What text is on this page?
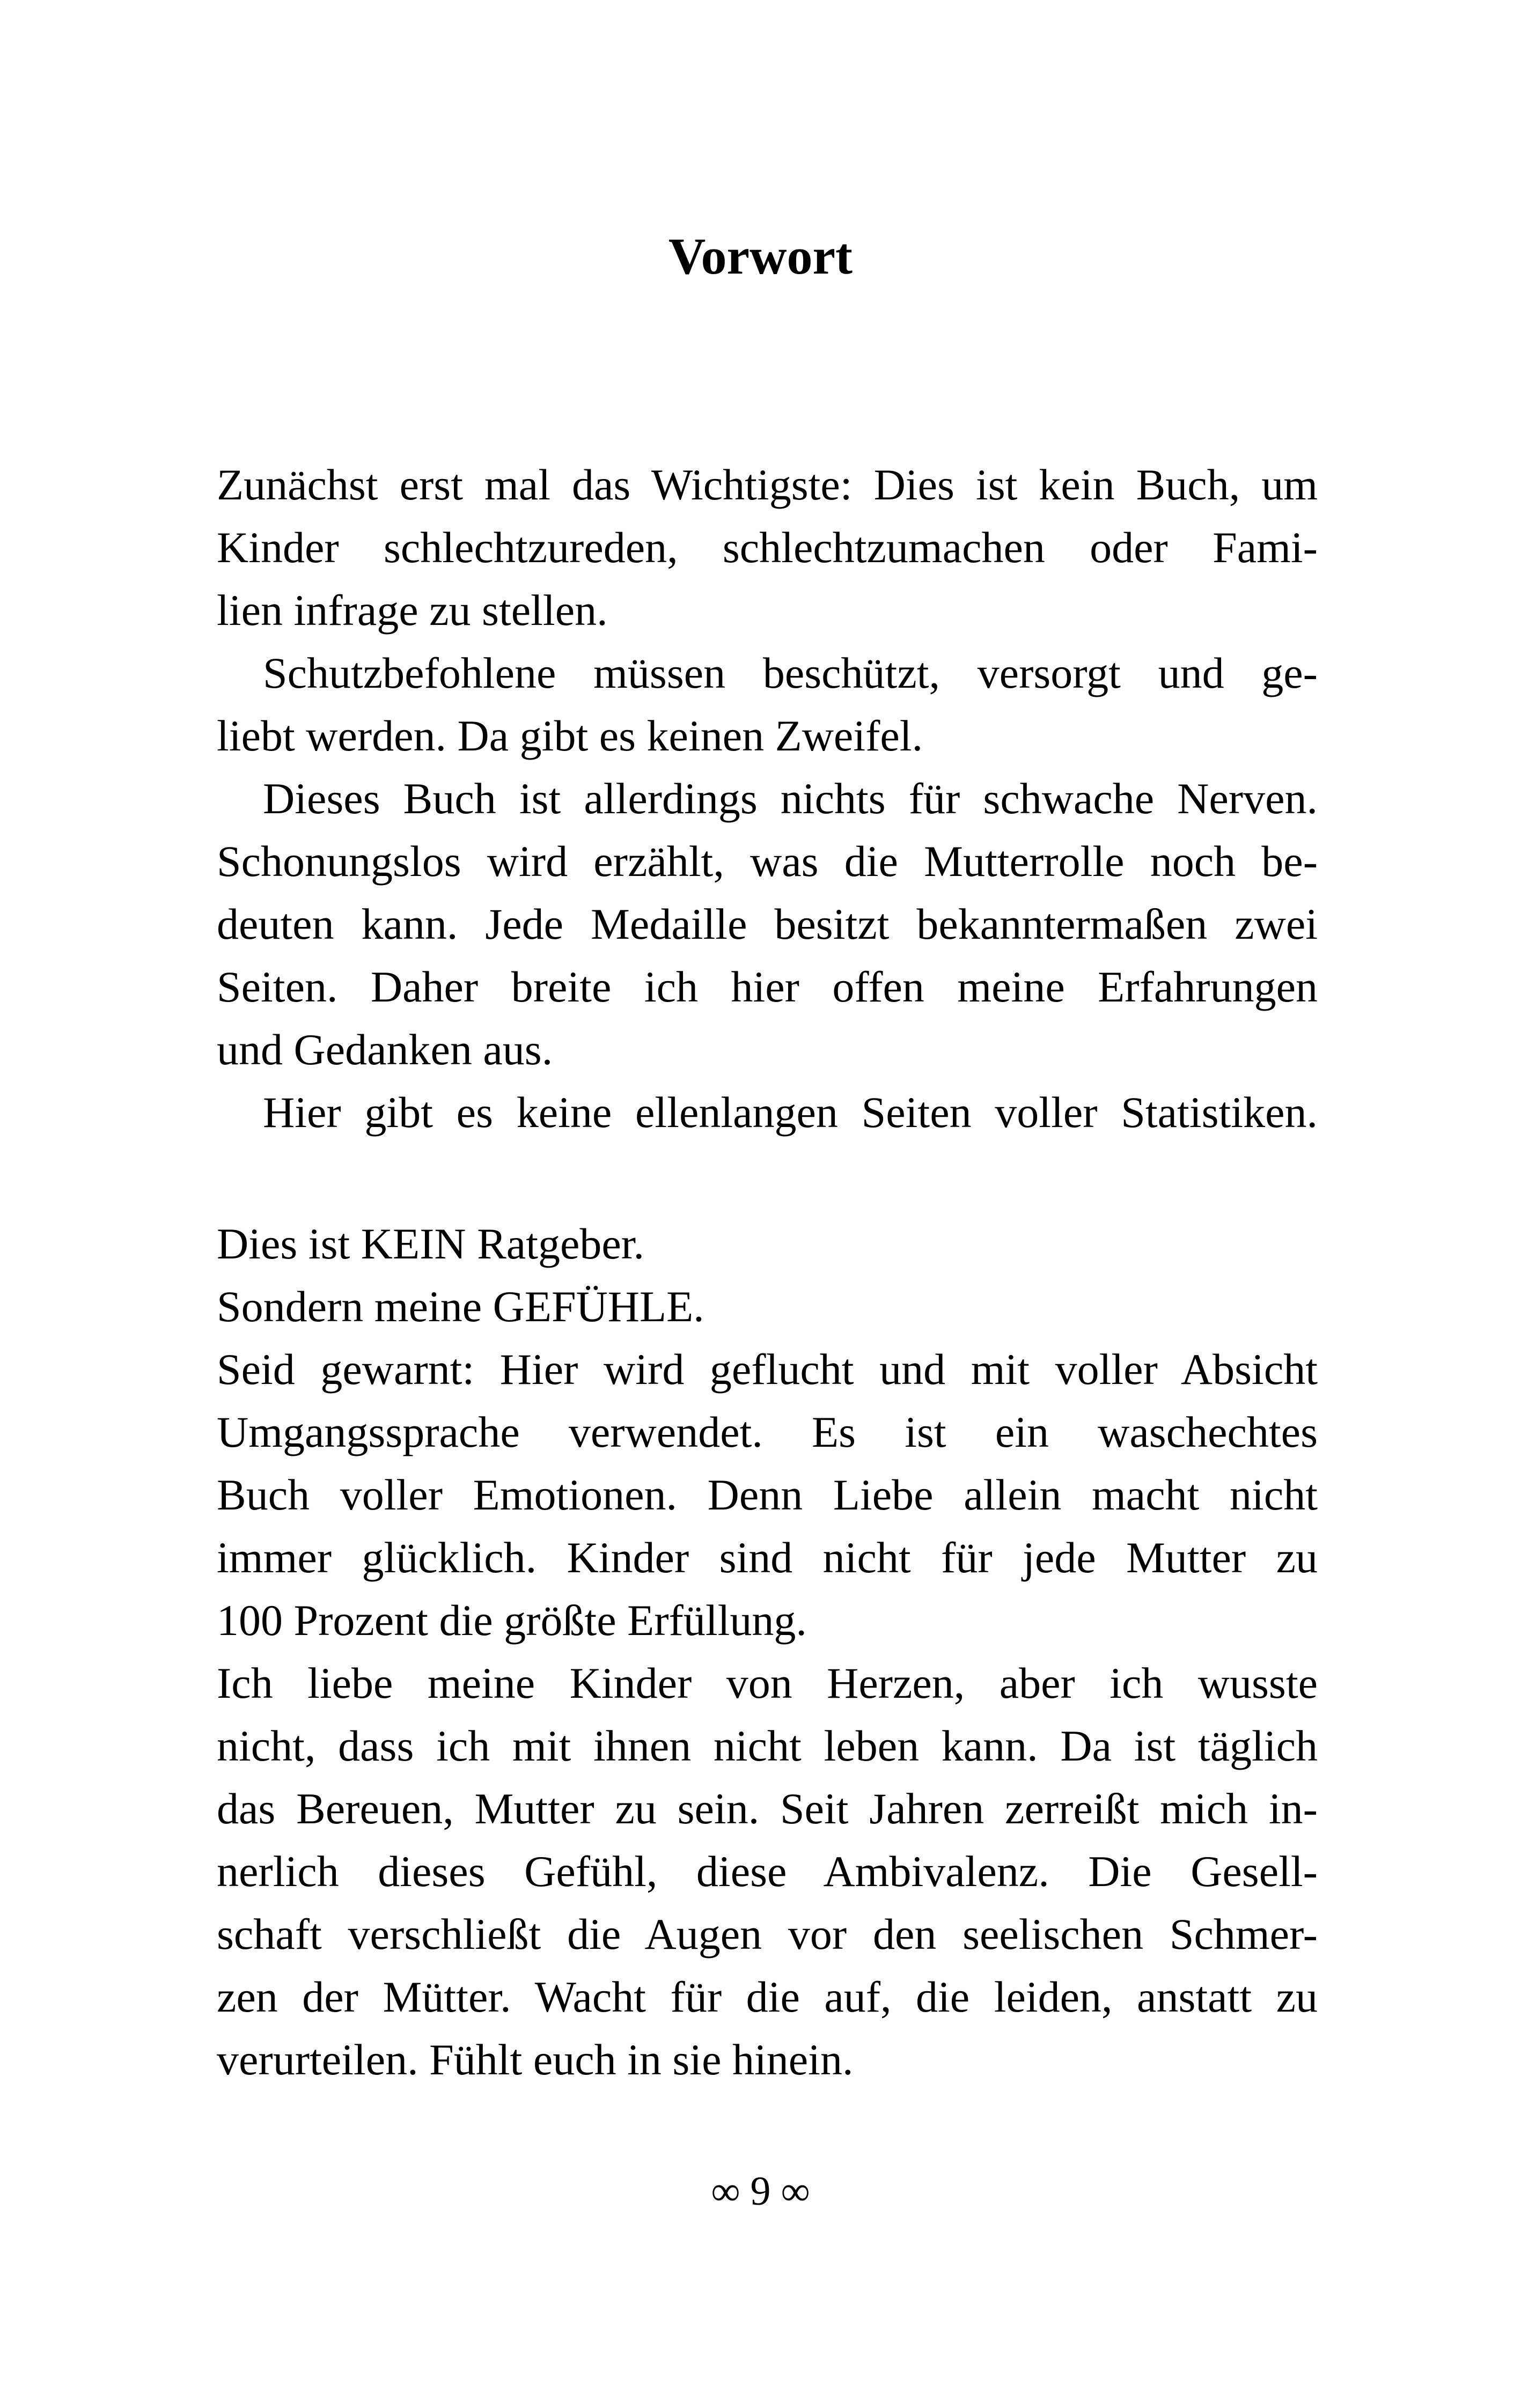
Vorwort
Zunächst erst mal das Wichtigste: Dies ist kein Buch, um
Kinder schlechtzureden, schlechtzumachen oder Fami-
lien infrage zu stellen.
Schutzbefohlene müssen beschützt, versorgt und ge-
liebt werden. Da gibt es keinen Zweifel.
Dieses Buch ist allerdings nichts für schwache Nerven.
Schonungslos wird erzählt, was die Mutterrolle noch be-
deuten kann. Jede Medaille besitzt bekanntermaßen zwei
Seiten. Daher breite ich hier offen meine Erfahrungen
und Gedanken aus.
Hier gibt es keine ellenlangen Seiten voller Statistiken.
Dies ist KEIN Ratgeber.
Sondern meine GEFÜHLE.
Seid gewarnt: Hier wird geflucht und mit voller Absicht
Umgangssprache verwendet. Es ist ein waschechtes
Buch voller Emotionen. Denn Liebe allein macht nicht
immer glücklich. Kinder sind nicht für jede Mutter zu
100 Prozent die größte Erfüllung.
Ich liebe meine Kinder von Herzen, aber ich wusste
nicht, dass ich mit ihnen nicht leben kann. Da ist täglich
das Bereuen, Mutter zu sein. Seit Jahren zerreißt mich in-
nerlich dieses Gefühl, diese Ambivalenz. Die Gesell-
schaft verschließt die Augen vor den seelischen Schmer-
zen der Mütter. Wacht für die auf, die leiden, anstatt zu
verurteilen. Fühlt euch in sie hinein.
∞ 9 ∞
